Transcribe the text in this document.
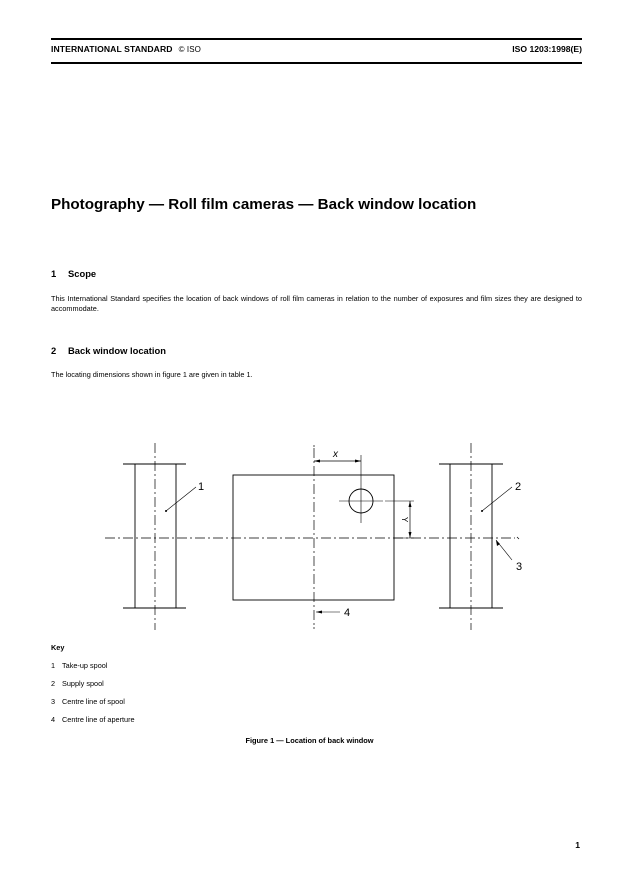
INTERNATIONAL STANDARD © ISO	ISO 1203:1998(E)
Photography — Roll film cameras — Back window location
1 Scope
This International Standard specifies the location of back windows of roll film cameras in relation to the number of exposures and film sizes they are designed to accommodate.
2 Back window location
The locating dimensions shown in figure 1 are given in table 1.
1	2
3
4
x
Y
Key
1 Take-up spool
2 Supply spool
3 Centre line of spool
4 Centre line of aperture
Figure 1 — Location of back window
1
